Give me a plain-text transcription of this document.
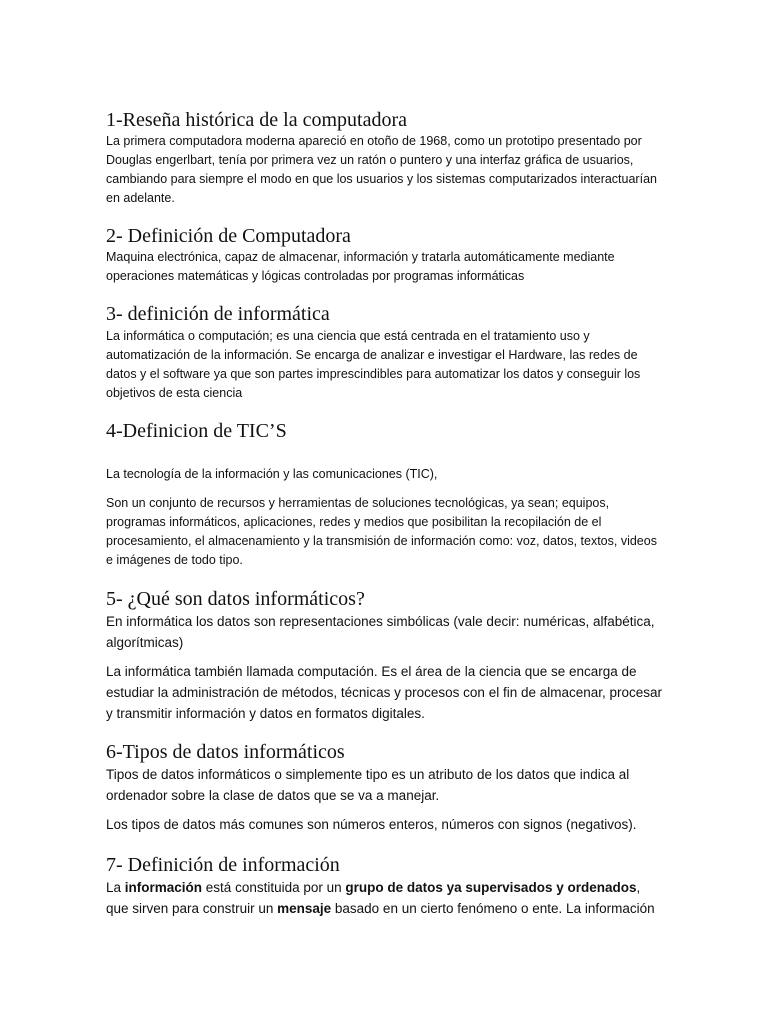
1-Reseña histórica de la computadora

La primera computadora moderna apareció en otoño de 1968, como un prototipo presentado por Douglas engerlbart, tenía por primera vez un ratón o puntero y una interfaz gráfica de usuarios, cambiando para siempre el modo en que los usuarios y los sistemas computarizados interactuarían en adelante.

2- Definición de Computadora

Maquina electrónica, capaz de almacenar, información y tratarla automáticamente mediante operaciones matemáticas y lógicas controladas por programas informáticas

3- definición de informática

La informática o computación; es una ciencia que está centrada en el tratamiento uso y automatización de la información. Se encarga de analizar e investigar el Hardware, las redes de datos y el software ya que son partes imprescindibles para automatizar los datos y conseguir los objetivos de esta ciencia

4-Definicion de TIC’S

La tecnología de la información y las comunicaciones (TIC),

Son un conjunto de recursos y herramientas de soluciones tecnológicas, ya sean; equipos, programas informáticos, aplicaciones, redes y medios que posibilitan la recopilación de el procesamiento, el almacenamiento y la transmisión de información como: voz, datos, textos, videos e imágenes de todo tipo.

5- ¿Qué son datos informáticos?

En informática los datos son representaciones simbólicas (vale decir: numéricas, alfabética, algorítmicas)

La informática también llamada computación. Es el área de la ciencia que se encarga de estudiar la administración de métodos, técnicas y procesos con el fin de almacenar, procesar y transmitir información y datos en formatos digitales.

6-Tipos de datos informáticos

Tipos de datos informáticos o simplemente tipo es un atributo de los datos que indica al ordenador sobre la clase de datos que se va a manejar.

Los tipos de datos más comunes son números enteros, números con signos (negativos).

7- Definición de información

La información está constituida por un grupo de datos ya supervisados y ordenados, que sirven para construir un mensaje basado en un cierto fenómeno o ente. La información
